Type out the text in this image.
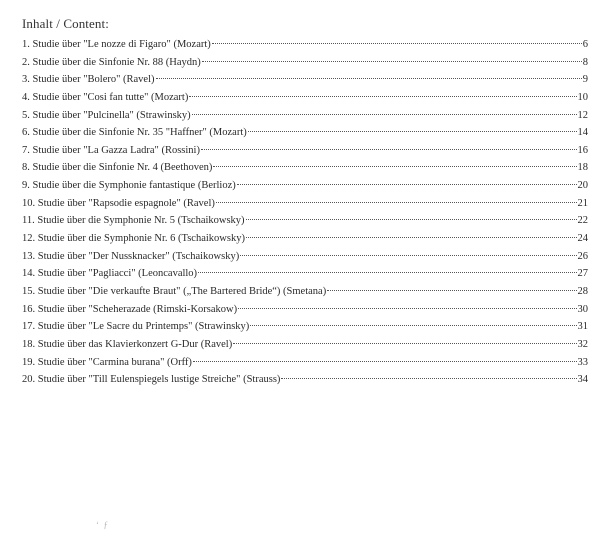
Inhalt / Content:
1. Studie über "Le nozze di Figaro" (Mozart)	6
2. Studie über die Sinfonie Nr. 88 (Haydn)	8
3. Studie über "Bolero" (Ravel)	9
4. Studie über "Cosi fan tutte" (Mozart)	10
5. Studie über "Pulcinella" (Strawinsky)	12
6. Studie über die Sinfonie Nr. 35 "Haffner" (Mozart)	14
7. Studie über "La Gazza Ladra" (Rossini)	16
8. Studie über die Sinfonie Nr. 4 (Beethoven)	18
9. Studie über die Symphonie fantastique (Berlioz)	20
10. Studie über "Rapsodie espagnole" (Ravel)	21
11. Studie über die Symphonie Nr. 5 (Tschaikowsky)	22
12. Studie über die Symphonie Nr. 6 (Tschaikowsky)	24
13. Studie über "Der Nussknacker" (Tschaikowsky)	26
14. Studie über "Pagliacci" (Leoncavallo)	27
15. Studie über "Die verkaufte Braut" („The Bartered Bride“) (Smetana)	28
16. Studie über "Scheherazade (Rimski-Korsakow)	30
17. Studie über "Le Sacre du Printemps" (Strawinsky)	31
18. Studie über das Klavierkonzert G-Dur (Ravel)	32
19. Studie über "Carmina burana" (Orff)	33
20. Studie über "Till Eulenspiegels lustige Streiche" (Strauss)	34
ʻ  ƒ
